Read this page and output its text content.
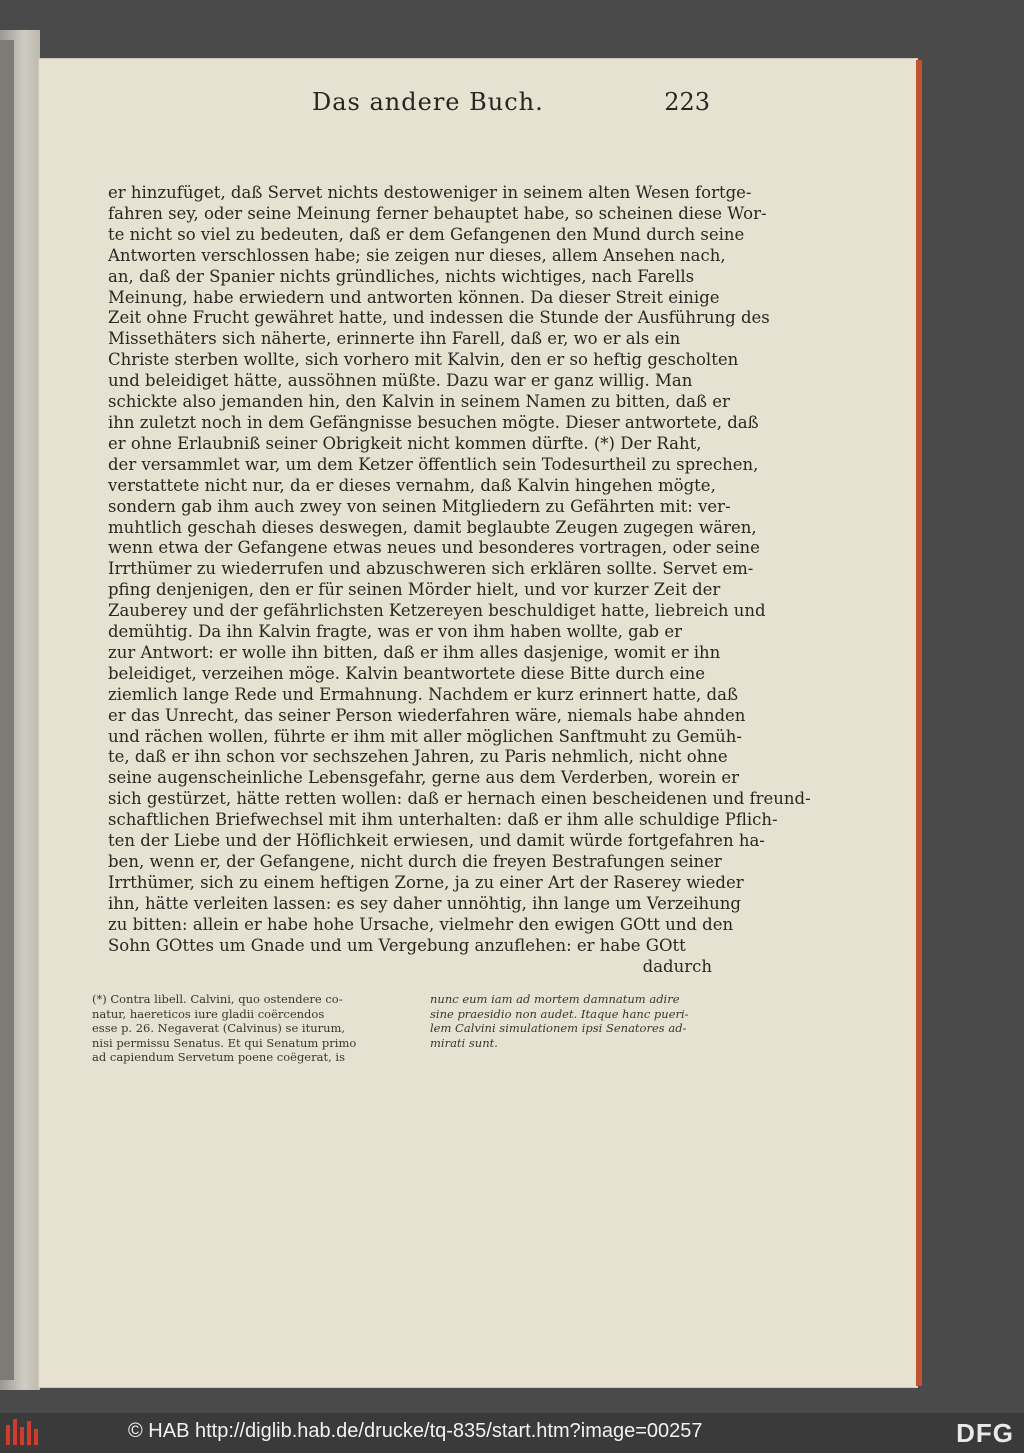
Das andere Buch.	223
er hinzufüget, daß Servet nichts destoweniger in seinem alten Wesen fortge-
fahren sey, oder seine Meinung ferner behauptet habe, so scheinen diese Wor-
te nicht so viel zu bedeuten, daß er dem Gefangenen den Mund durch seine
Antworten verschlossen habe; sie zeigen nur dieses, allem Ansehen nach,
an, daß der Spanier nichts gründliches, nichts wichtiges, nach Farells
Meinung, habe erwiedern und antworten können. Da dieser Streit einige
Zeit ohne Frucht gewähret hatte, und indessen die Stunde der Ausführung des
Missethäters sich näherte, erinnerte ihn Farell, daß er, wo er als ein
Christe sterben wollte, sich vorhero mit Kalvin, den er so heftig gescholten
und beleidiget hätte, aussöhnen müßte. Dazu war er ganz willig. Man
schickte also jemanden hin, den Kalvin in seinem Namen zu bitten, daß er
ihn zuletzt noch in dem Gefängnisse besuchen mögte. Dieser antwortete, daß
er ohne Erlaubniß seiner Obrigkeit nicht kommen dürfte. (*) Der Raht,
der versammlet war, um dem Ketzer öffentlich sein Todesurtheil zu sprechen,
verstattete nicht nur, da er dieses vernahm, daß Kalvin hingehen mögte,
sondern gab ihm auch zwey von seinen Mitgliedern zu Gefährten mit: ver-
muhtlich geschah dieses deswegen, damit beglaubte Zeugen zugegen wären,
wenn etwa der Gefangene etwas neues und besonderes vortragen, oder seine
Irrthümer zu wiederrufen und abzuschweren sich erklären sollte. Servet em-
pfing denjenigen, den er für seinen Mörder hielt, und vor kurzer Zeit der
Zauberey und der gefährlichsten Ketzereyen beschuldiget hatte, liebreich und
demühtig. Da ihn Kalvin fragte, was er von ihm haben wollte, gab er
zur Antwort: er wolle ihn bitten, daß er ihm alles dasjenige, womit er ihn
beleidiget, verzeihen möge. Kalvin beantwortete diese Bitte durch eine
ziemlich lange Rede und Ermahnung. Nachdem er kurz erinnert hatte, daß
er das Unrecht, das seiner Person wiederfahren wäre, niemals habe ahnden
und rächen wollen, führte er ihm mit aller möglichen Sanftmuht zu Gemüh-
te, daß er ihn schon vor sechszehen Jahren, zu Paris nehmlich, nicht ohne
seine augenscheinliche Lebensgefahr, gerne aus dem Verderben, worein er
sich gestürzet, hätte retten wollen: daß er hernach einen bescheidenen und freund-
schaftlichen Briefwechsel mit ihm unterhalten: daß er ihm alle schuldige Pflich-
ten der Liebe und der Höflichkeit erwiesen, und damit würde fortgefahren ha-
ben, wenn er, der Gefangene, nicht durch die freyen Bestrafungen seiner
Irrthümer, sich zu einem heftigen Zorne, ja zu einer Art der Raserey wieder
ihn, hätte verleiten lassen: es sey daher unnöhtig, ihn lange um Verzeihung
zu bitten: allein er habe hohe Ursache, vielmehr den ewigen GOtt und den
Sohn GOttes um Gnade und um Vergebung anzuflehen: er habe GOtt
dadurch
(*) Contra libell. Calvini, quo ostendere co-
natur, haereticos iure gladii coërcendos
esse p. 26. Negaverat (Calvinus) se iturum,
nisi permissu Senatus. Et qui Senatum primo
ad capiendum Servetum poene coëgerat, is
nunc eum iam ad mortem damnatum adire
sine praesidio non audet. Itaque hanc pueri-
lem Calvini simulationem ipsi Senatores ad-
mirati sunt.
© HAB http://diglib.hab.de/drucke/tq-835/start.htm?image=00257	DFG
